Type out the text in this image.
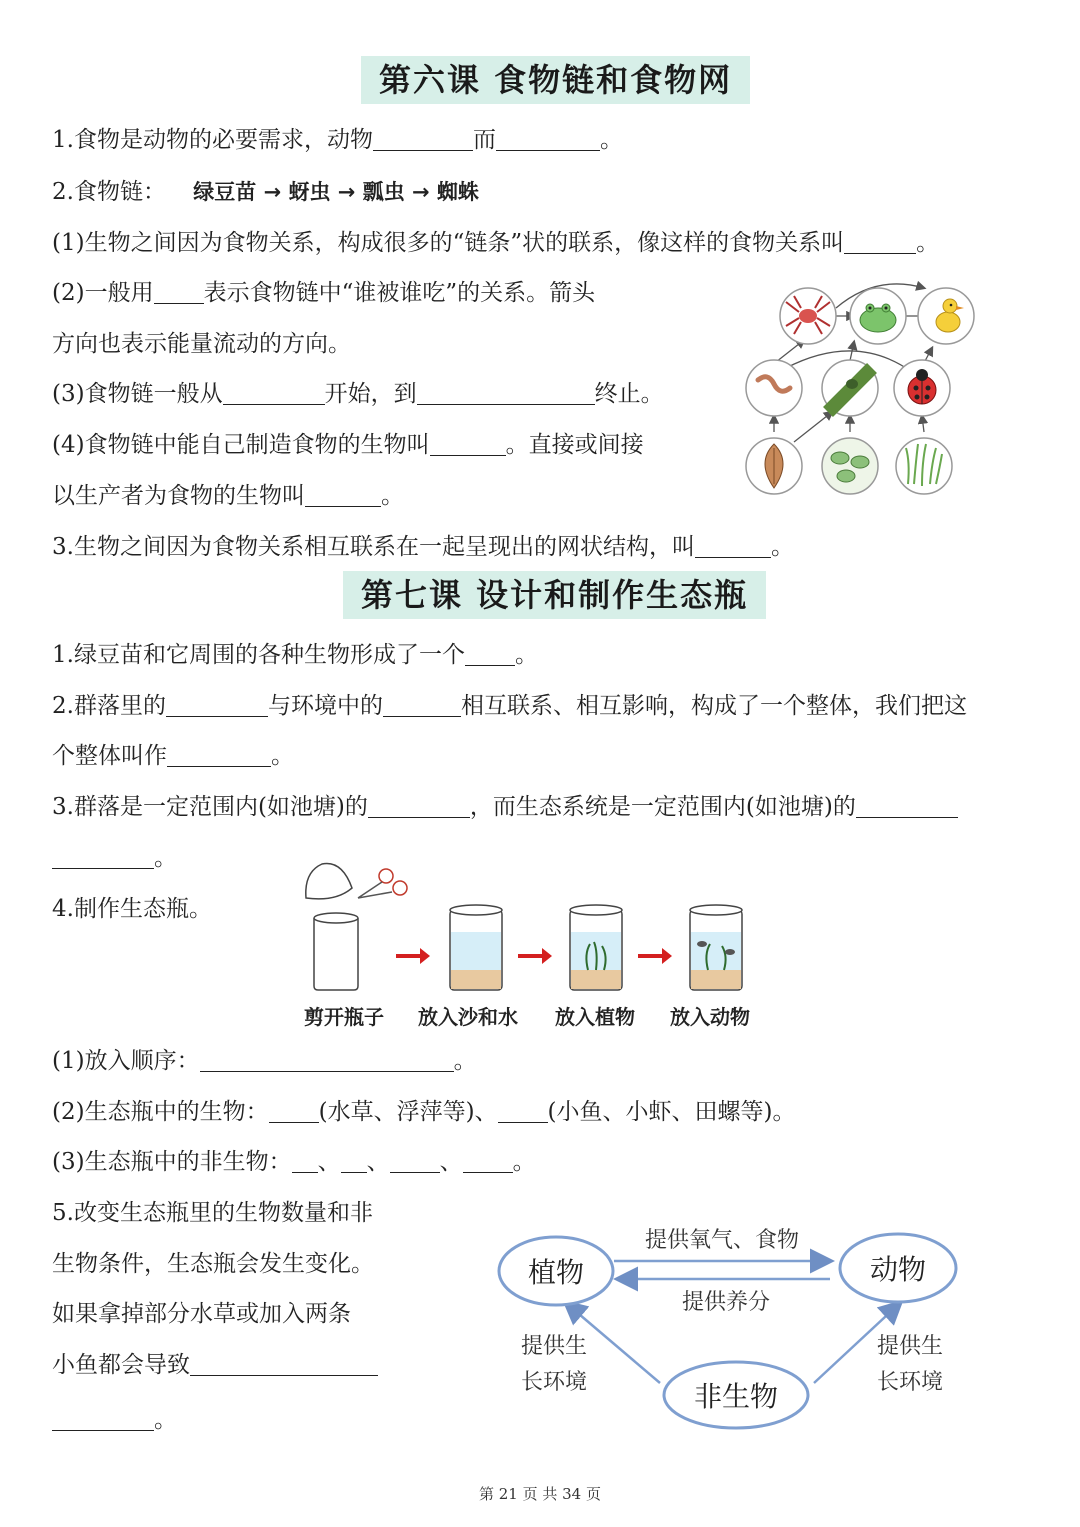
第六课 食物链和食物网
1.食物是动物的必要需求，动物	而	。
2.食物链： 绿豆苗 → 蚜虫 → 瓢虫 → 蜘蛛
(1)生物之间因为食物关系，构成很多的“链条”状的联系，像这样的食物关系叫	。
(2)一般用 表示食物链中“谁被谁吃”的关系。箭头
方向也表示能量流动的方向。
(3)食物链一般从	开始，到	终止。
(4)食物链中能自己制造食物的生物叫	。直接或间接
以生产者为食物的生物叫	。
3.生物之间因为食物关系相互联系在一起呈现出的网状结构，叫	。
第七课 设计和制作生态瓶
1.绿豆苗和它周围的各种生物形成了一个 。
2.群落里的	与环境中的	相互联系、相互影响，构成了一个整体，我们把这
个整体叫作	。
3.群落是一定范围内(如池塘)的	，而生态系统是一定范围内(如池塘)的
。
4.制作生态瓶。
剪开瓶子 放入沙和水 放入植物 放入动物
(1)放入顺序：	。
(2)生态瓶中的生物： (水草、浮萍等)、 (小鱼、小虾、田螺等)。
(3)生态瓶中的非生物： 、 、 、 。
5.改变生态瓶里的生物数量和非
生物条件，生态瓶会发生变化。
如果拿掉部分水草或加入两条
小鱼都会导致
。
植物	动物
非生物
提供氧气、食物
提供养分
提供生
长环境
提供生
长环境
第 21 页 共 34 页
